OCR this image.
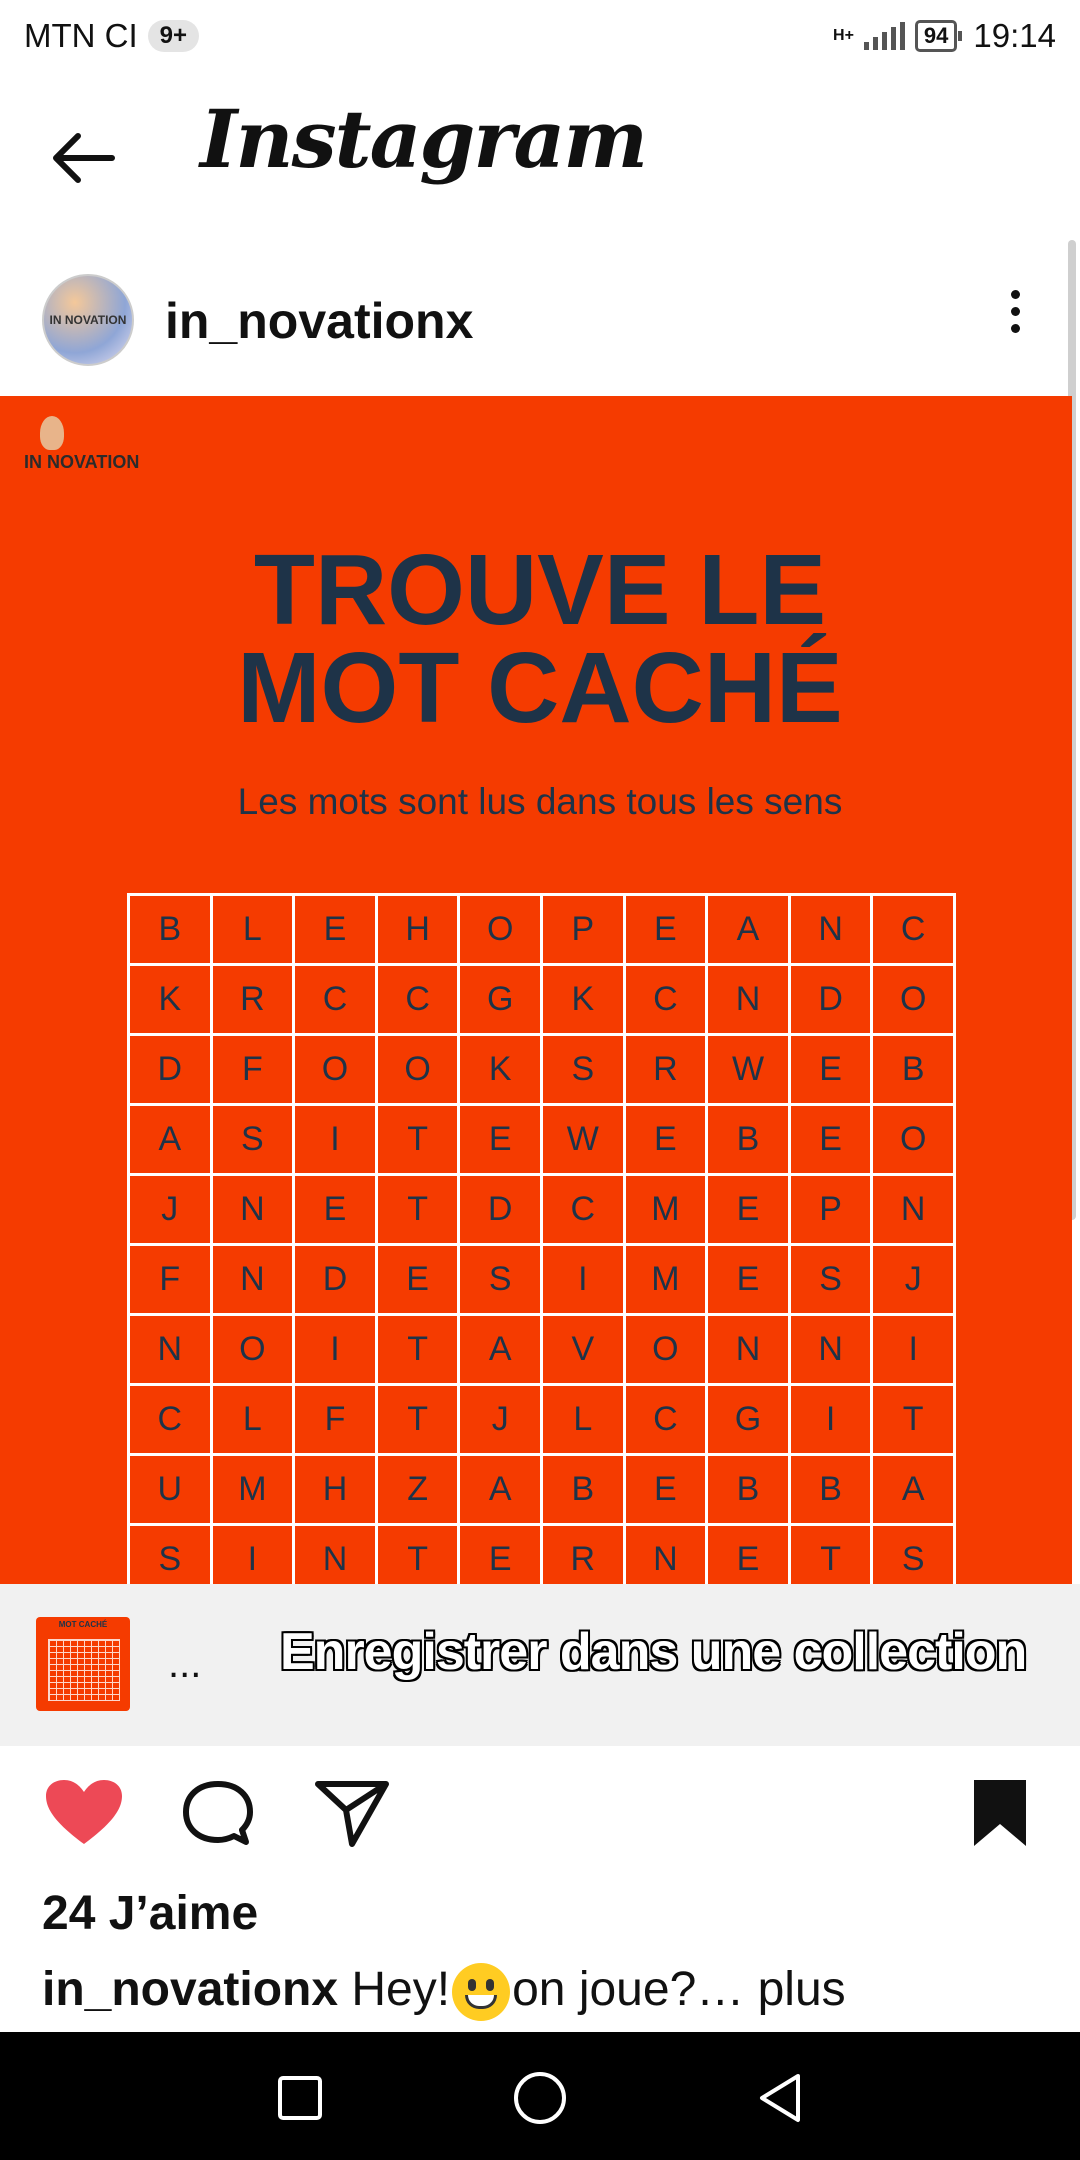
MTN CI 9+	H+	94 19:14
Instagram
IN NOVATION in_novationx
IN NOVATION
TROUVE LE
MOT CACHÉ
Les mots sont lus dans tous les sens
B	L	E	H	O	P	E	A	N	C
K	R	C	C	G	K	C	N	D	O
D	F	O	O	K	S	R	W	E	B
A	S	I	T	E	W	E	B	E	O
J	N	E	T	D	C	M	E	P	N
F	N	D	E	S	I	M	E	S	J
N	O	I	T	A	V	O	N	N	I
C	L	F	T	J	L	C	G	I	T
U	M	H	Z	A	B	E	B	B	A
S	I	N	T	E	R	N	E	T	S
MOT CACHÉ
... Enregistrer dans une collection
24 J’aime
in_novationx Hey! on joue?… plus
